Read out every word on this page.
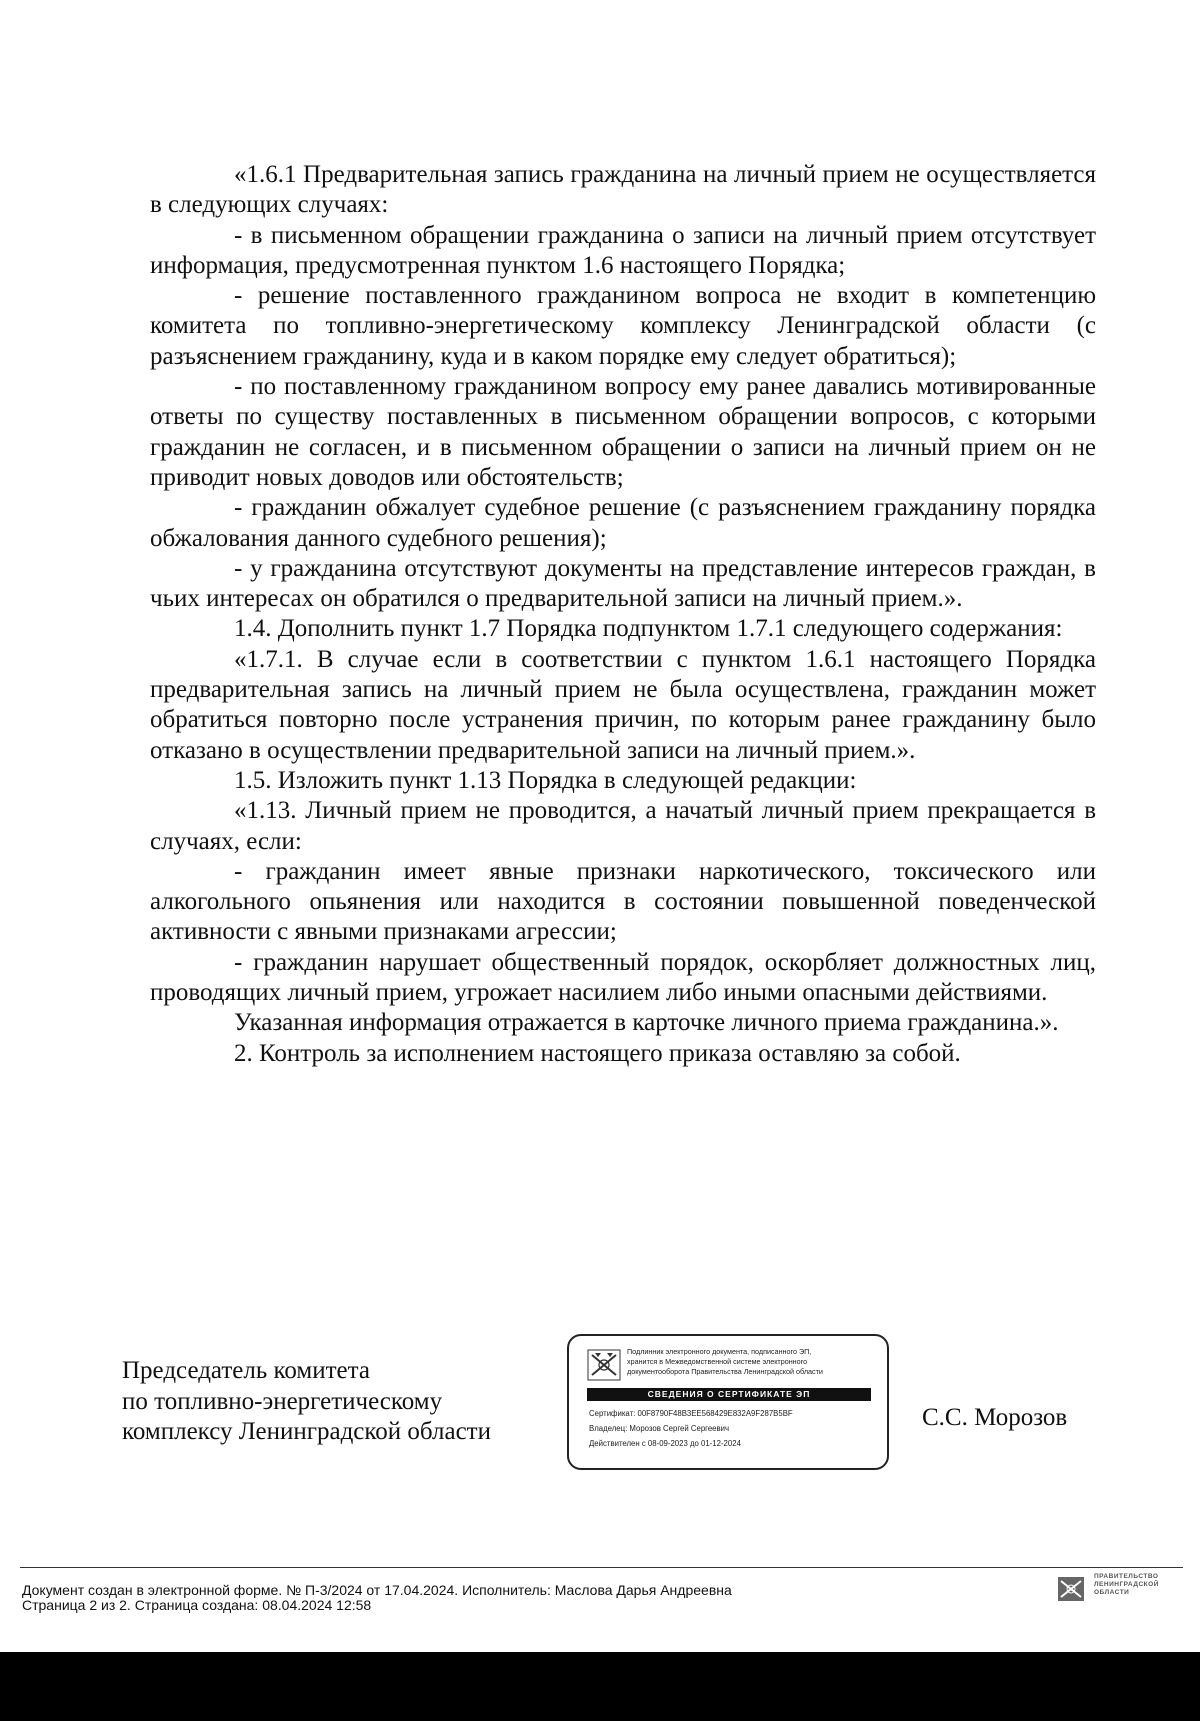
«1.6.1 Предварительная запись гражданина на личный прием не осуществляется в следующих случаях:

- в письменном обращении гражданина о записи на личный прием отсутствует информация, предусмотренная пунктом 1.6 настоящего Порядка;

- решение поставленного гражданином вопроса не входит в компетенцию комитета по топливно-энергетическому комплексу Ленинградской области (с разъяснением гражданину, куда и в каком порядке ему следует обратиться);

- по поставленному гражданином вопросу ему ранее давались мотивированные ответы по существу поставленных в письменном обращении вопросов, с которыми гражданин не согласен, и в письменном обращении о записи на личный прием он не приводит новых доводов или обстоятельств;

- гражданин обжалует судебное решение (с разъяснением гражданину порядка обжалования данного судебного решения);

- у гражданина отсутствуют документы на представление интересов граждан, в чьих интересах он обратился о предварительной записи на личный прием.».

1.4. Дополнить пункт 1.7 Порядка подпунктом 1.7.1 следующего содержания:

«1.7.1. В случае если в соответствии с пунктом 1.6.1 настоящего Порядка предварительная запись на личный прием не была осуществлена, гражданин может обратиться повторно после устранения причин, по которым ранее гражданину было отказано в осуществлении предварительной записи на личный прием.».

1.5. Изложить пункт 1.13 Порядка в следующей редакции:

«1.13. Личный прием не проводится, а начатый личный прием прекращается в случаях, если:

- гражданин имеет явные признаки наркотического, токсического или алкогольного опьянения или находится в состоянии повышенной поведенческой активности с явными признаками агрессии;

- гражданин нарушает общественный порядок, оскорбляет должностных лиц, проводящих личный прием, угрожает насилием либо иными опасными действиями.

Указанная информация отражается в карточке личного приема гражданина.».

2. Контроль за исполнением настоящего приказа оставляю за собой.

Председатель комитета
по топливно-энергетическому
комплексу Ленинградской области
Подлинник электронного документа, подписанного ЭП,
хранится в Межведомственной системе электронного
документооборота Правительства Ленинградской области
СВЕДЕНИЯ О СЕРТИФИКАТЕ ЭП
Сертификат: 00F8790F48B3EE568429E832A9F287B5BF
Владелец: Морозов Сергей Сергеевич
Действителен с 08-09-2023 до 01-12-2024
С.С. Морозов
Документ создан в электронной форме. № П-3/2024 от 17.04.2024. Исполнитель: Маслова Дарья Андреевна
Страница 2 из 2. Страница создана: 08.04.2024 12:58
ПРАВИТЕЛЬСТВО
ЛЕНИНГРАДСКОЙ
ОБЛАСТИ
